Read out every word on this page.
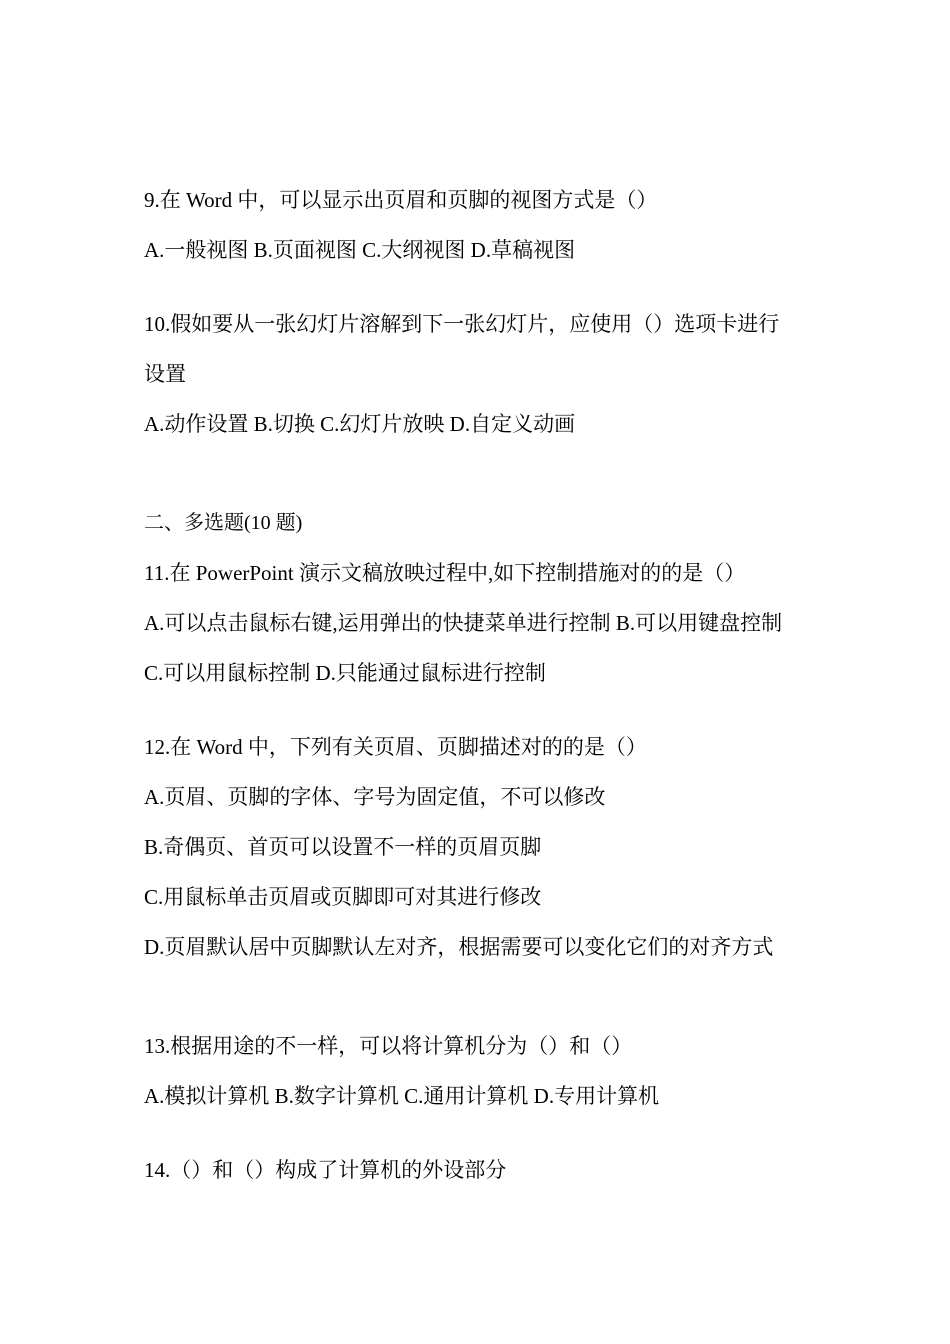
9.在 Word 中，可以显示出页眉和页脚的视图方式是（）
A.一般视图 B.页面视图 C.大纲视图 D.草稿视图
10.假如要从一张幻灯片溶解到下一张幻灯片，应使用（）选项卡进行
设置
A.动作设置 B.切换 C.幻灯片放映 D.自定义动画
二、多选题(10 题)
11.在 PowerPoint 演示文稿放映过程中,如下控制措施对的的是（）
A.可以点击鼠标右键,运用弹出的快捷菜单进行控制 B.可以用键盘控制
C.可以用鼠标控制 D.只能通过鼠标进行控制
12.在 Word 中，下列有关页眉、页脚描述对的的是（）
A.页眉、页脚的字体、字号为固定值，不可以修改
B.奇偶页、首页可以设置不一样的页眉页脚
C.用鼠标单击页眉或页脚即可对其进行修改
D.页眉默认居中页脚默认左对齐，根据需要可以变化它们的对齐方式
13.根据用途的不一样，可以将计算机分为（）和（）
A.模拟计算机 B.数字计算机 C.通用计算机 D.专用计算机
14.（）和（）构成了计算机的外设部分
